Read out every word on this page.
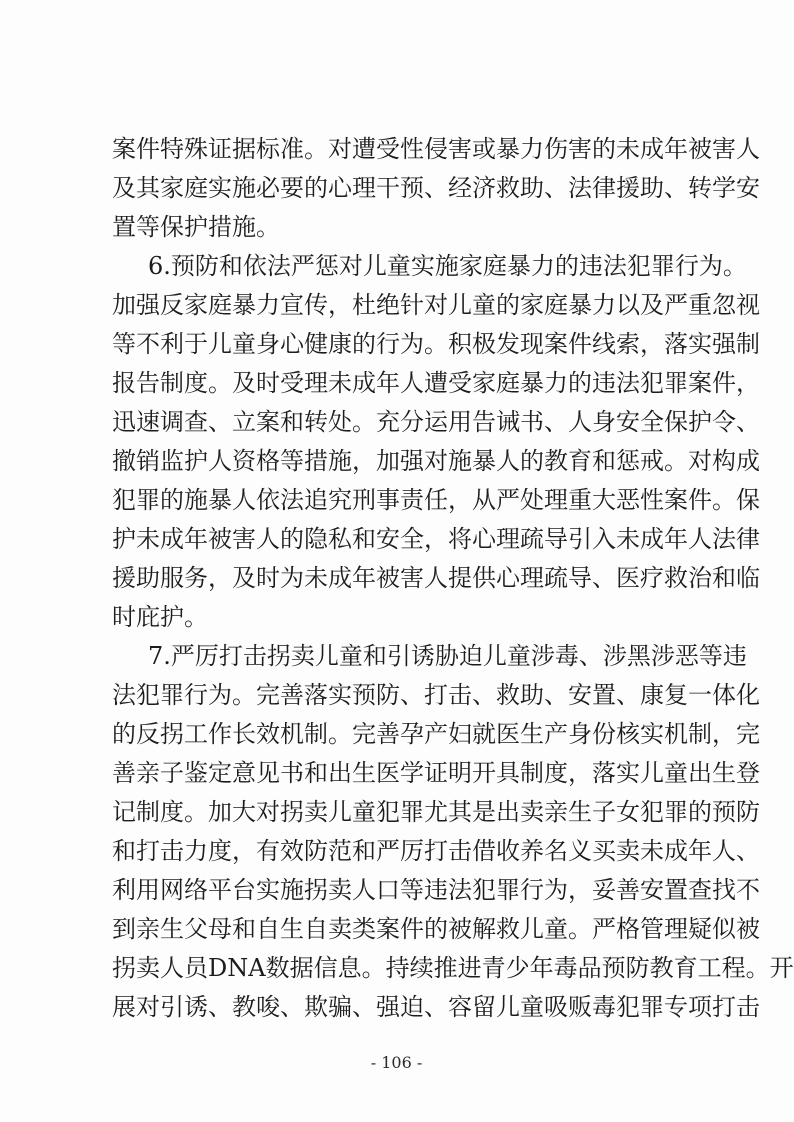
案件特殊证据标准。对遭受性侵害或暴力伤害的未成年被害人
及其家庭实施必要的心理干预、经济救助、法律援助、转学安
置等保护措施。
6.预防和依法严惩对儿童实施家庭暴力的违法犯罪行为。
加强反家庭暴力宣传，杜绝针对儿童的家庭暴力以及严重忽视
等不利于儿童身心健康的行为。积极发现案件线索，落实强制
报告制度。及时受理未成年人遭受家庭暴力的违法犯罪案件，
迅速调查、立案和转处。充分运用告诫书、人身安全保护令、
撤销监护人资格等措施，加强对施暴人的教育和惩戒。对构成
犯罪的施暴人依法追究刑事责任，从严处理重大恶性案件。保
护未成年被害人的隐私和安全，将心理疏导引入未成年人法律
援助服务，及时为未成年被害人提供心理疏导、医疗救治和临
时庇护。
7.严厉打击拐卖儿童和引诱胁迫儿童涉毒、涉黑涉恶等违
法犯罪行为。完善落实预防、打击、救助、安置、康复一体化
的反拐工作长效机制。完善孕产妇就医生产身份核实机制，完
善亲子鉴定意见书和出生医学证明开具制度，落实儿童出生登
记制度。加大对拐卖儿童犯罪尤其是出卖亲生子女犯罪的预防
和打击力度，有效防范和严厉打击借收养名义买卖未成年人、
利用网络平台实施拐卖人口等违法犯罪行为，妥善安置查找不
到亲生父母和自生自卖类案件的被解救儿童。严格管理疑似被
拐卖人员DNA数据信息。持续推进青少年毒品预防教育工程。开
展对引诱、教唆、欺骗、强迫、容留儿童吸贩毒犯罪专项打击
- 106 -
